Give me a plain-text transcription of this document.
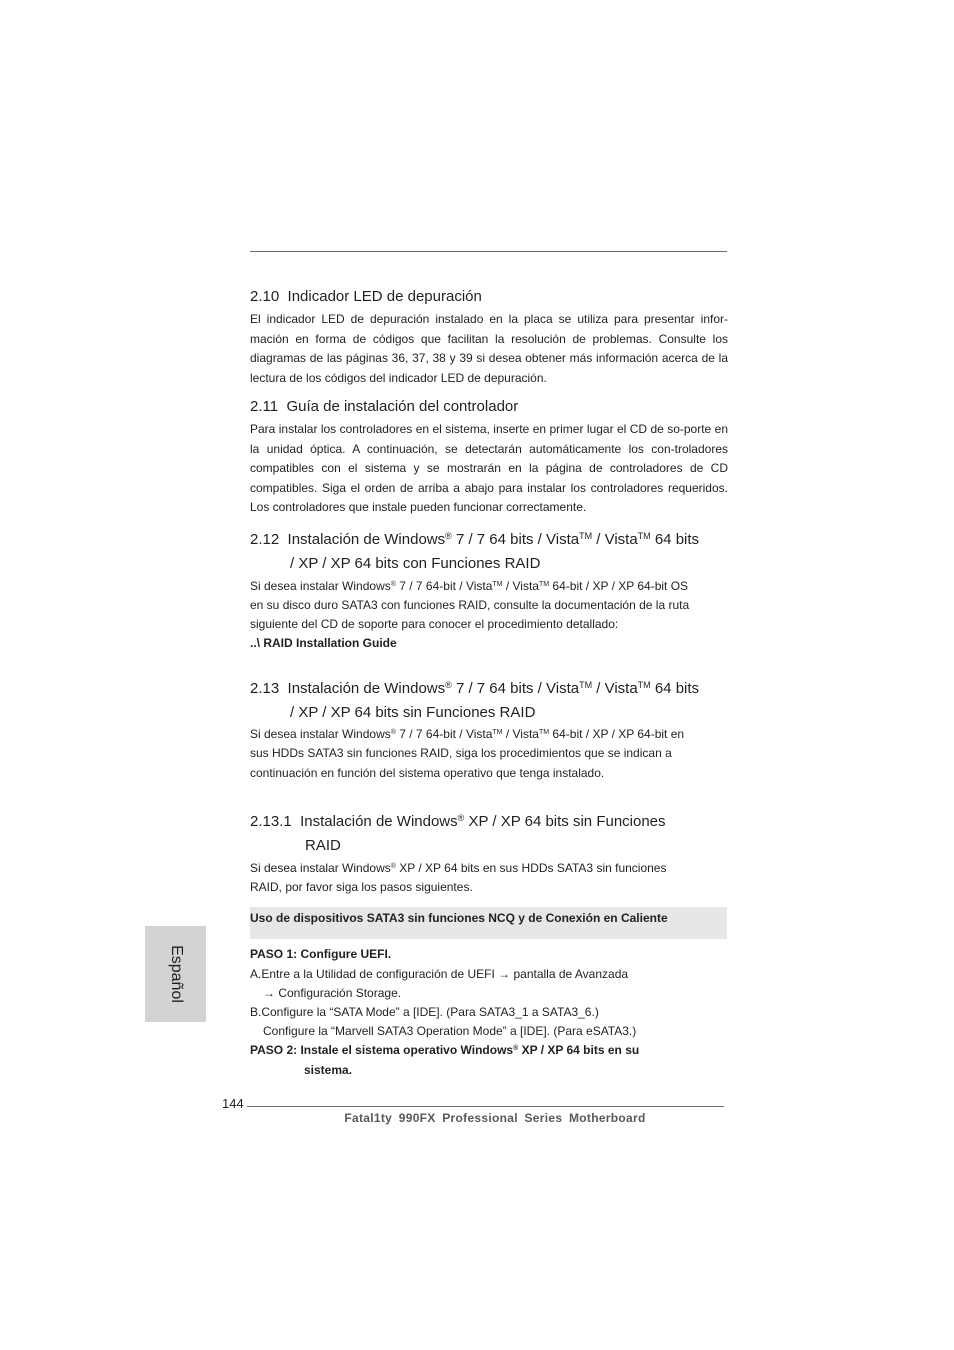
2.10 Indicador LED de depuración
El indicador LED de depuración instalado en la placa se utiliza para presentar infor-mación en forma de códigos que facilitan la resolución de problemas. Consulte los diagramas de las páginas 36, 37, 38 y 39 si desea obtener más información acerca de la lectura de los códigos del indicador LED de depuración.
2.11 Guía de instalación del controlador
Para instalar los controladores en el sistema, inserte en primer lugar el CD de so-porte en la unidad óptica. A continuación, se detectarán automáticamente los con-troladores compatibles con el sistema y se mostrarán en la página de controladores de CD compatibles. Siga el orden de arriba a abajo para instalar los controladores requeridos. Los controladores que instale pueden funcionar correctamente.
2.12 Instalación de Windows® 7 / 7 64 bits / Vista™ / Vista™ 64 bits
/ XP / XP 64 bits con Funciones RAID
Si desea instalar Windows® 7 / 7 64-bit / Vista™ / Vista™ 64-bit / XP / XP 64-bit OS
en su disco duro SATA3 con funciones RAID, consulte la documentación de la ruta
siguiente del CD de soporte para conocer el procedimiento detallado:
..\ RAID Installation Guide
2.13 Instalación de Windows® 7 / 7 64 bits / Vista™ / Vista™ 64 bits
/ XP / XP 64 bits sin Funciones RAID
Si desea instalar Windows® 7 / 7 64-bit / Vista™ / Vista™ 64-bit / XP / XP 64-bit en
sus HDDs SATA3 sin funciones RAID, siga los procedimientos que se indican a
continuación en función del sistema operativo que tenga instalado.
2.13.1 Instalación de Windows® XP / XP 64 bits sin Funciones
RAID
Si desea instalar Windows® XP / XP 64 bits en sus HDDs SATA3 sin funciones
RAID, por favor siga los pasos siguientes.
Uso de dispositivos SATA3 sin funciones NCQ y de Conexión en Caliente
PASO 1: Configure UEFI.
A.Entre a la Utilidad de configuración de UEFI → pantalla de Avanzada
→ Configuración Storage.
B.Configure la “SATA Mode” a [IDE]. (Para SATA3_1 a SATA3_6.)
Configure la “Marvell SATA3 Operation Mode” a [IDE]. (Para eSATA3.)
PASO 2: Instale el sistema operativo Windows® XP / XP 64 bits en su
sistema.
Español
144
Fatal1ty 990FX Professional Series Motherboard
